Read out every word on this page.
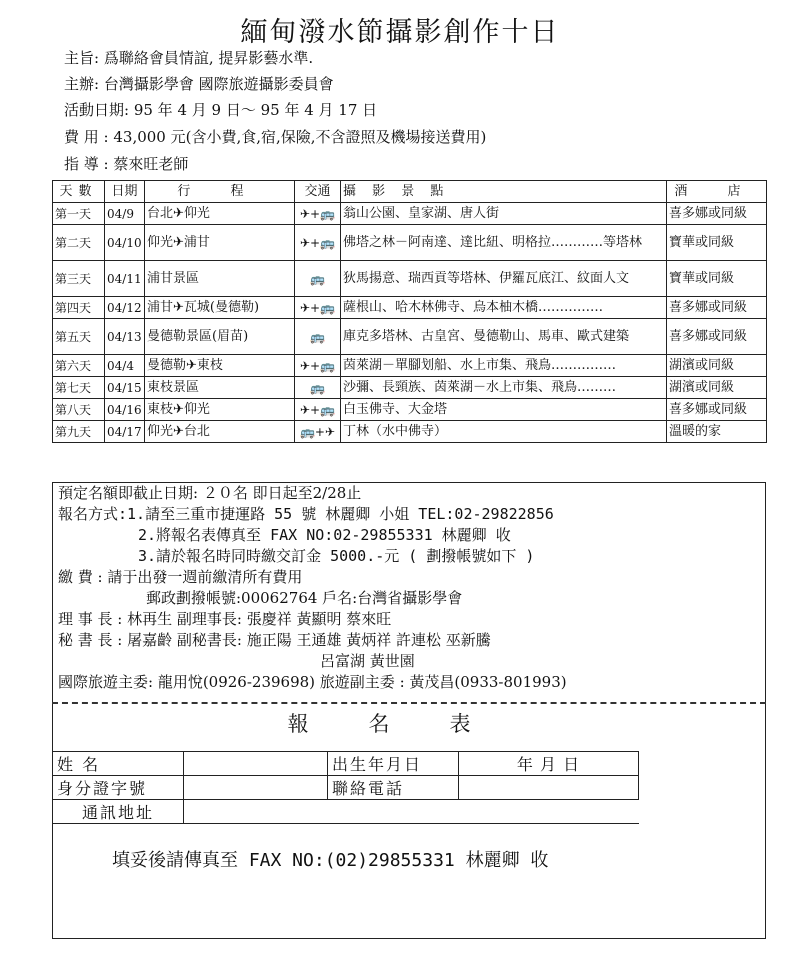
緬甸潑水節攝影創作十日
主旨: 爲聯絡會員情誼, 提昇影藝水準.
主辦: 台灣攝影學會 國際旅遊攝影委員會
活動日期: 95 年 4 月 9 日～ 95 年 4 月 17 日
費 用 : 43,000 元(含小費,食,宿,保險,不含證照及機場接送費用)
指 導 : 蔡來旺老師
天數	日期	行 程	交通	攝 影 景 點	酒 店
第一天	04/9	台北✈仰光	✈+🚌	翁山公園、皇家湖、唐人街	喜多娜或同級
第二天	04/10	仰光✈浦甘	✈+🚌	佛塔之林－阿南達、達比紐、明格拉…………等塔林	寶華或同級
第三天	04/11	浦甘景區	🚌	狄馬揚意、瑞西貢等塔林、伊羅瓦底江、紋面人文	寶華或同級
第四天	04/12	浦甘✈瓦城(曼德勒)	✈+🚌	薩根山、哈木林佛寺、烏本柚木橋……………	喜多娜或同級
第五天	04/13	曼德勒景區(眉苗)	🚌	庫克多塔林、古皇宮、曼德勒山、馬車、歐式建築	喜多娜或同級
第六天	04/4	曼德勒✈東枝	✈+🚌	茵萊湖－單腳划船、水上市集、飛鳥……………	湖濱或同級
第七天	04/15	東枝景區	🚌	沙彌、長頸族、茵萊湖－水上市集、飛鳥………	湖濱或同級
第八天	04/16	東枝✈仰光	✈+🚌	白玉佛寺、大金塔	喜多娜或同級
第九天	04/17	仰光✈台北	🚌+✈	丁林（水中佛寺）	溫暖的家
預定名額即截止日期: ２０名 即日起至2/28止
報名方式:1.請至三重市捷運路 55 號 林麗卿 小姐 TEL:02-29822856
2.將報名表傳真至 FAX NO:02-29855331 林麗卿 收
3.請於報名時同時繳交訂金 5000.-元 ( 劃撥帳號如下 )
繳 費 : 請于出發一週前繳清所有費用
郵政劃撥帳號:00062764 戶名:台灣省攝影學會
理 事 長 : 林再生 副理事長: 張慶祥 黃顯明 蔡來旺
秘 書 長 : 屠嘉齡 副秘書長: 施正陽 王通雄 黃炳祥 許連松 巫新騰
呂富湖 黃世園
國際旅遊主委: 龍用悅(0926-239698) 旅遊副主委 : 黃茂昌(0933-801993)
報名表
姓 名		出生年月日	年 月 日
身分證字號		聯絡電話	
通訊地址			
填妥後請傳真至 FAX NO:(02)29855331 林麗卿 收
